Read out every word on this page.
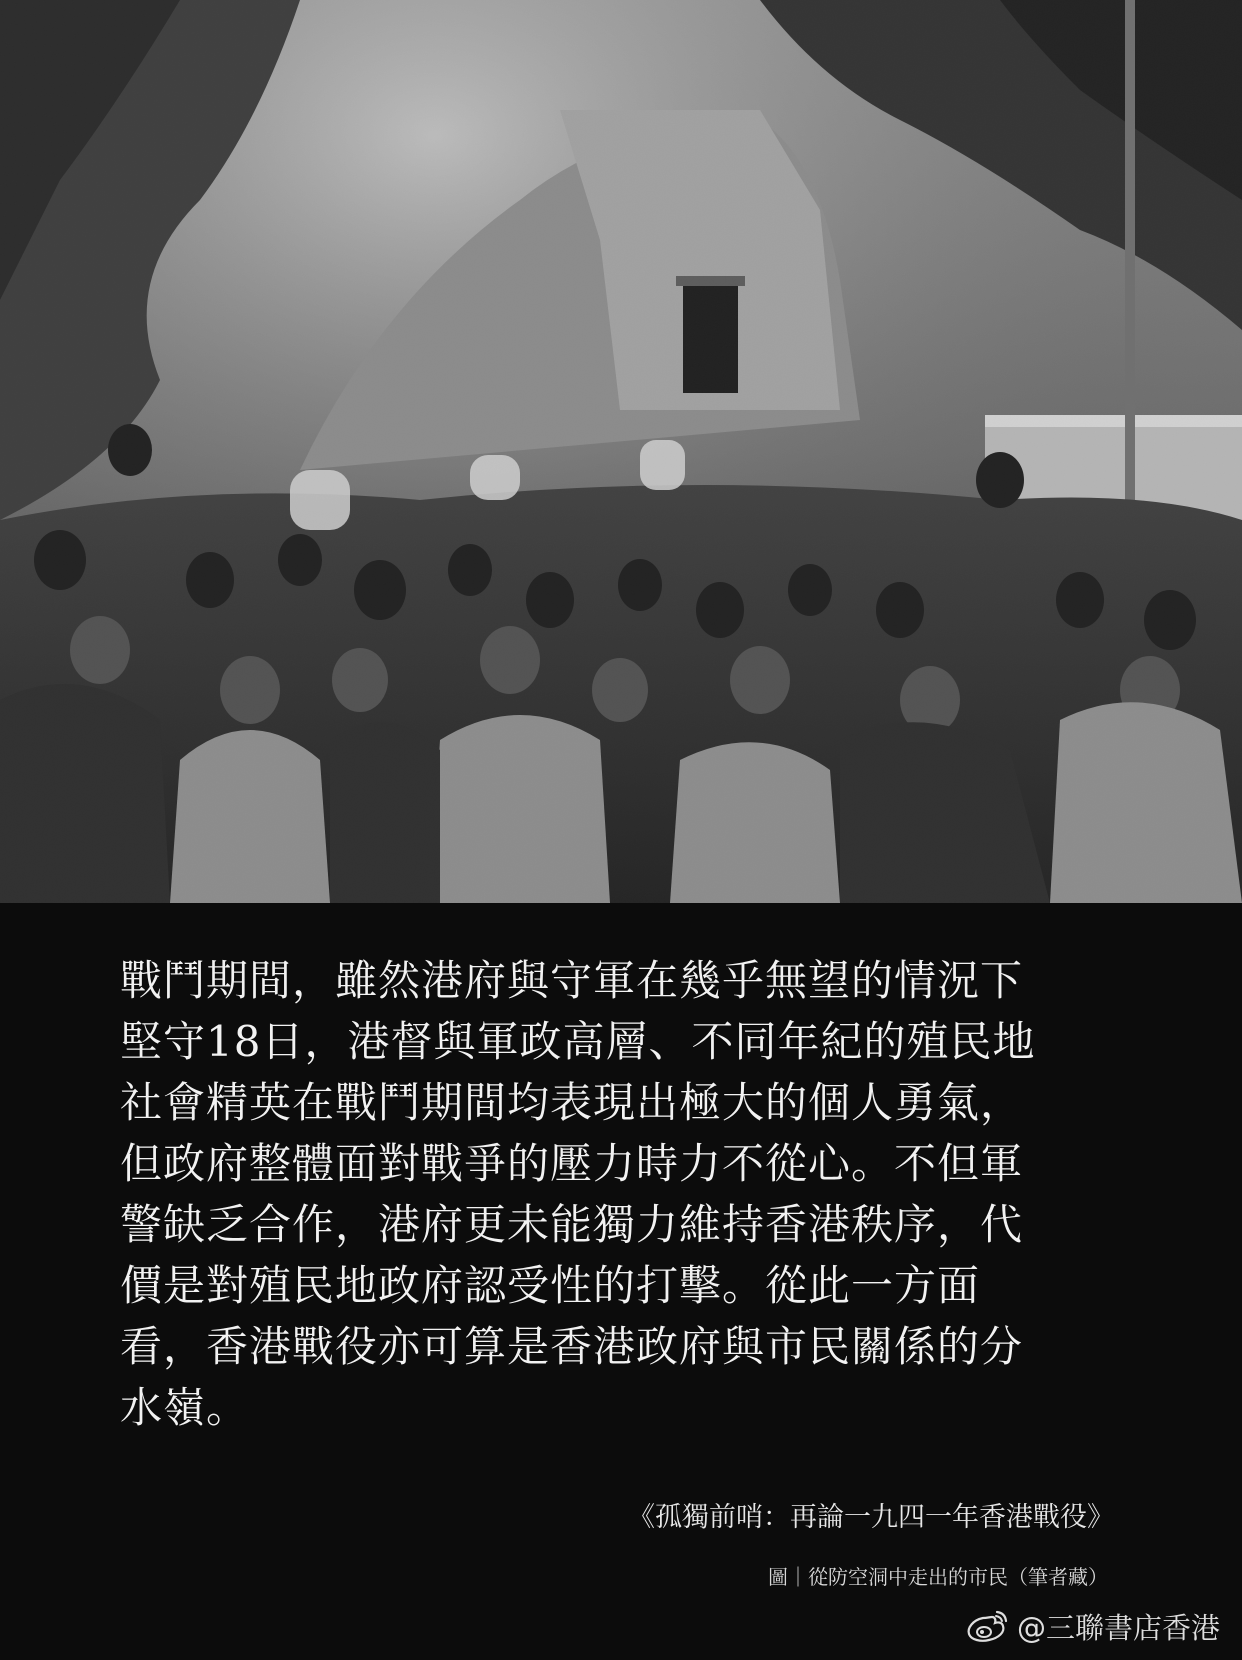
戰鬥期間，雖然港府與守軍在幾乎無望的情況下
堅守18日，港督與軍政高層、不同年紀的殖民地
社會精英在戰鬥期間均表現出極大的個人勇氣，
但政府整體面對戰爭的壓力時力不從心。不但軍
警缺乏合作，港府更未能獨力維持香港秩序，代
價是對殖民地政府認受性的打擊。從此一方面
看，香港戰役亦可算是香港政府與市民關係的分
水嶺。

《孤獨前哨：再論一九四一年香港戰役》
圖｜從防空洞中走出的市民（筆者藏）
@三聯書店香港
